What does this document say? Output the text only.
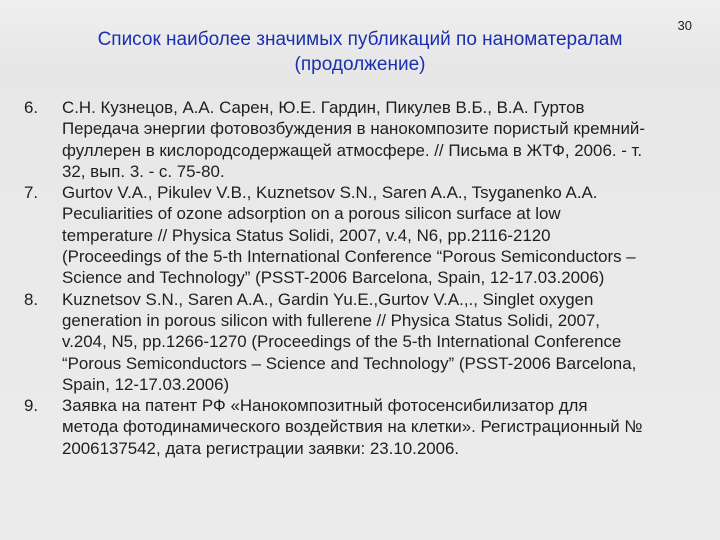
Список наиболее значимых публикаций по наноматерaлам
(продолжение)
30
6.	С.Н. Кузнецов, А.А. Сарен, Ю.Е. Гардин, Пикулев В.Б., В.А. Гуртов
Передача энергии фотовозбуждения в нанокомпозите пористый кремний-
фуллерен в кислородсодержащей атмосфере. // Письма в ЖТФ, 2006. - т.
32, вып. 3. - с. 75-80.
7.	Gurtov V.A., Pikulev V.B., Kuznetsov S.N., Saren A.A., Tsyganenko A.A.
Peculiarities of ozone adsorption on a porous silicon surface at low
temperature // Physica Status Solidi, 2007, v.4, N6, pp.2116-2120
(Proceedings of the 5-th International Conference “Porous Semiconductors –
Science and Technology” (PSST-2006 Barcelona, Spain, 12-17.03.2006)
8.	Kuznetsov S.N., Saren A.A., Gardin Yu.E.,Gurtov V.A.,., Singlet oxygen
generation in porous silicon with fullerene // Physica Status Solidi, 2007,
v.204, N5, pp.1266-1270 (Proceedings of the 5-th International Conference
“Porous Semiconductors – Science and Technology” (PSST-2006 Barcelona,
Spain, 12-17.03.2006)
9.	Заявка на патент РФ «Нанокомпозитный фотосенсибилизатор для
метода фотодинамического воздействия на клетки». Регистрационный №
2006137542, дата регистрации заявки: 23.10.2006.
